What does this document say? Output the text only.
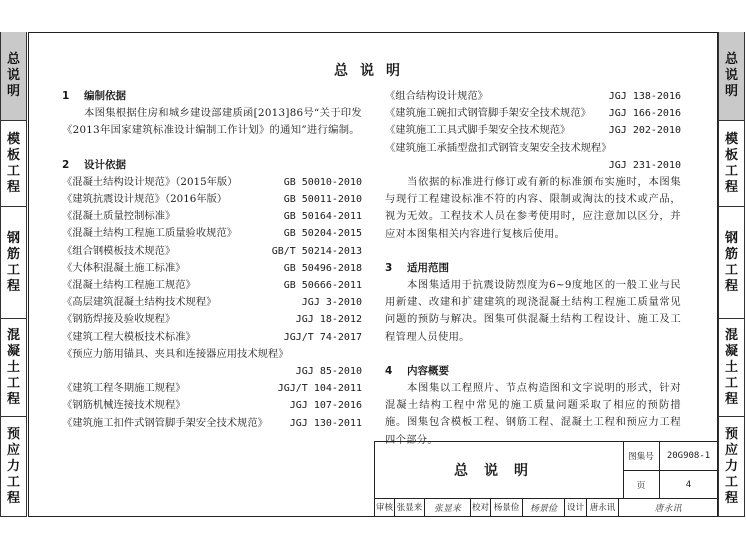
总说明
模板工程
钢筋工程
混凝土工程
预应力工程
总说明
模板工程
钢筋工程
混凝土工程
预应力工程
总说明
1	编制依据

本图集根据住房和城乡建设部建质函[2013]86号“关于印发《2013年国家建筑标准设计编制工作计划》的通知”进行编制。

2	设计依据
《混凝土结构设计规范》（2015年版）	GB 50010-2010
《建筑抗震设计规范》（2016年版）	GB 50011-2010
《混凝土质量控制标准》	GB 50164-2011
《混凝土结构工程施工质量验收规范》	GB 50204-2015
《组合钢模板技术规范》	GB/T 50214-2013
《大体积混凝土施工标准》	GB 50496-2018
《混凝土结构工程施工规范》	GB 50666-2011
《高层建筑混凝土结构技术规程》	JGJ 3-2010
《钢筋焊接及验收规程》	JGJ 18-2012
《建筑工程大模板技术标准》	JGJ/T 74-2017
《预应力筋用锚具、夹具和连接器应用技术规程》
JGJ 85-2010
《建筑工程冬期施工规程》	JGJ/T 104-2011
《钢筋机械连接技术规程》	JGJ 107-2016
《建筑施工扣件式钢管脚手架安全技术规范》 JGJ 130-2011
《组合结构设计规范》	JGJ 138-2016
《建筑施工碗扣式钢管脚手架安全技术规范》 JGJ 166-2016
《建筑施工工具式脚手架安全技术规范》	JGJ 202-2010
《建筑施工承插型盘扣式钢管支架安全技术规程》
JGJ 231-2010

当依据的标准进行修订或有新的标准颁布实施时，本图集与现行工程建设标准不符的内容、限制或淘汰的技术或产品，视为无效。工程技术人员在参考使用时，应注意加以区分，并应对本图集相关内容进行复核后使用。

3	适用范围

本图集适用于抗震设防烈度为6~9度地区的一般工业与民用新建、改建和扩建建筑的现浇混凝土结构工程施工质量常见问题的预防与解决。图集可供混凝土结构工程设计、施工及工程管理人员使用。

4	内容概要

本图集以工程照片、节点构造图和文字说明的形式，针对混凝土结构工程中常见的施工质量问题采取了相应的预防措施。图集包含模板工程、钢筋工程、混凝土工程和预应力工程四个部分。

总说明
图集号	20G908-1
页	4
审核 张显来	张显来	校对 杨景俭	杨景俭	设计 唐永讯	唐永讯
